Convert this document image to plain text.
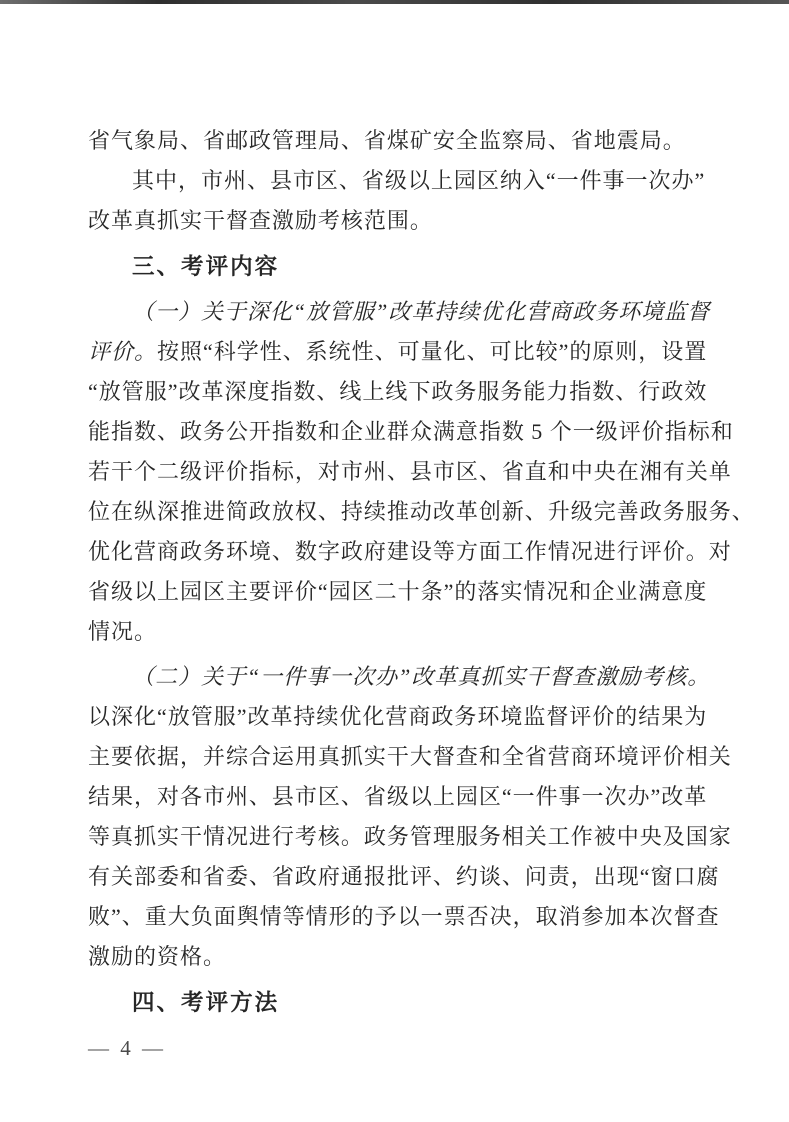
省气象局、省邮政管理局、省煤矿安全监察局、省地震局。
其中，市州、县市区、省级以上园区纳入“一件事一次办”
改革真抓实干督查激励考核范围。
三、考评内容
（一）关于深化“放管服”改革持续优化营商政务环境监督
评价。按照“科学性、系统性、可量化、可比较”的原则，设置
“放管服”改革深度指数、线上线下政务服务能力指数、行政效
能指数、政务公开指数和企业群众满意指数 5 个一级评价指标和
若干个二级评价指标，对市州、县市区、省直和中央在湘有关单
位在纵深推进简政放权、持续推动改革创新、升级完善政务服务、
优化营商政务环境、数字政府建设等方面工作情况进行评价。对
省级以上园区主要评价“园区二十条”的落实情况和企业满意度
情况。
（二）关于“一件事一次办”改革真抓实干督查激励考核。
以深化“放管服”改革持续优化营商政务环境监督评价的结果为
主要依据，并综合运用真抓实干大督查和全省营商环境评价相关
结果，对各市州、县市区、省级以上园区“一件事一次办”改革
等真抓实干情况进行考核。政务管理服务相关工作被中央及国家
有关部委和省委、省政府通报批评、约谈、问责，出现“窗口腐
败”、重大负面舆情等情形的予以一票否决，取消参加本次督查
激励的资格。
四、考评方法
— 4 —
